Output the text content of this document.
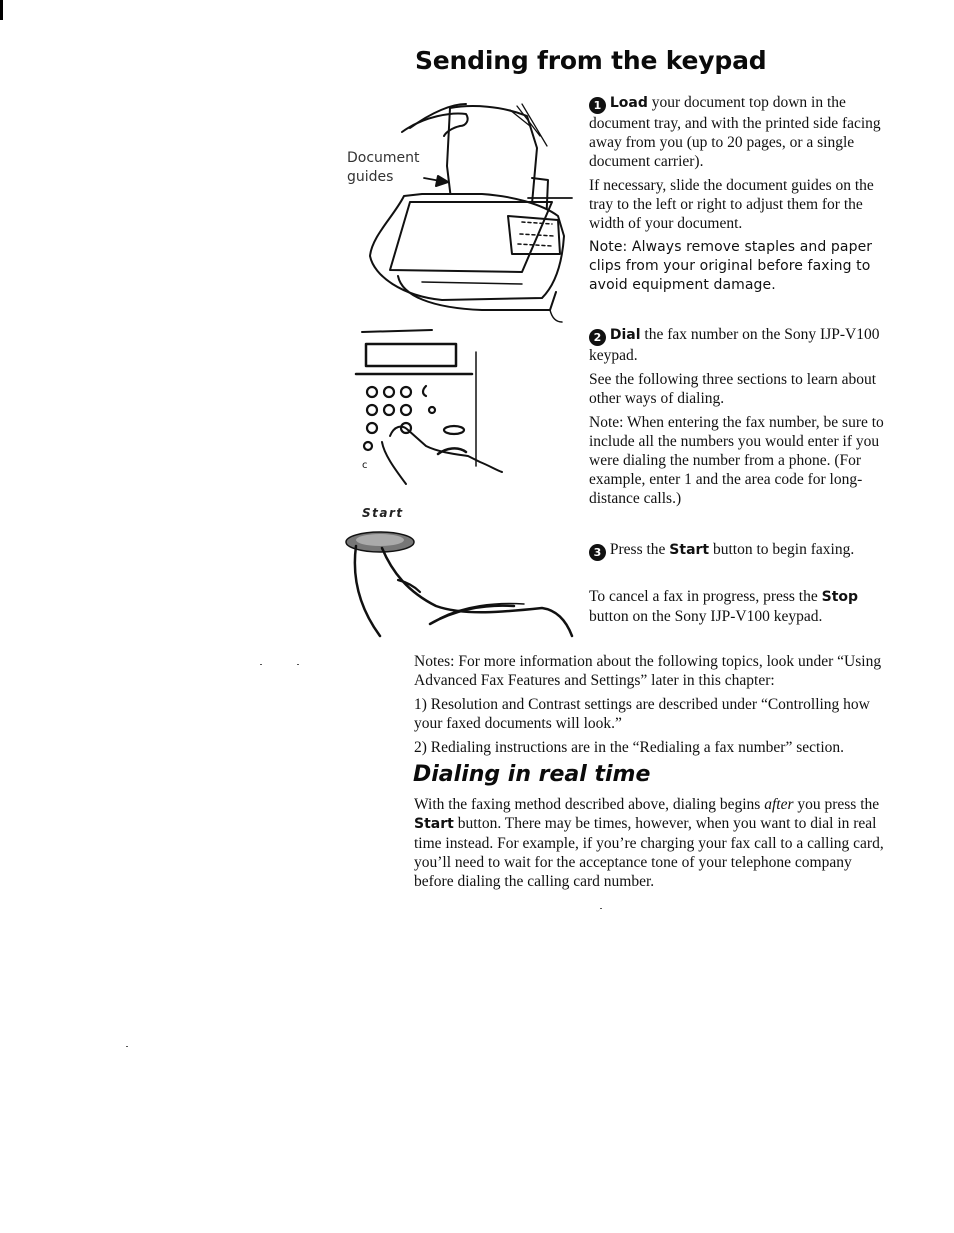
Sending from the keypad
Document
guides
c
Start

1 Load your document top down in the document tray, and with the printed side facing away from you (up to 20 pages, or a single document carrier).

If necessary, slide the document guides on the tray to the left or right to adjust them for the width of your document.

Note: Always remove staples and paper clips from your original before faxing to avoid equipment damage.

2 Dial the fax number on the Sony IJP-V100 keypad.

See the following three sections to learn about other ways of dialing.

Note: When entering the fax number, be sure to include all the numbers you would enter if you were dialing the number from a phone. (For example, enter 1 and the area code for long-distance calls.)

3 Press the Start button to begin faxing.

To cancel a fax in progress, press the Stop button on the Sony IJP-V100 keypad.

Notes: For more information about the following topics, look under “Using Advanced Fax Features and Settings” later in this chapter:

1) Resolution and Contrast settings are described under “Controlling how your faxed documents will look.”

2) Redialing instructions are in the “Redialing a fax number” section.

Dialing in real time

With the faxing method described above, dialing begins after you press the Start button. There may be times, however, when you want to dial in real time instead. For example, if you’re charging your fax call to a calling card, you’ll need to wait for the acceptance tone of your telephone company before dialing the calling card number.
